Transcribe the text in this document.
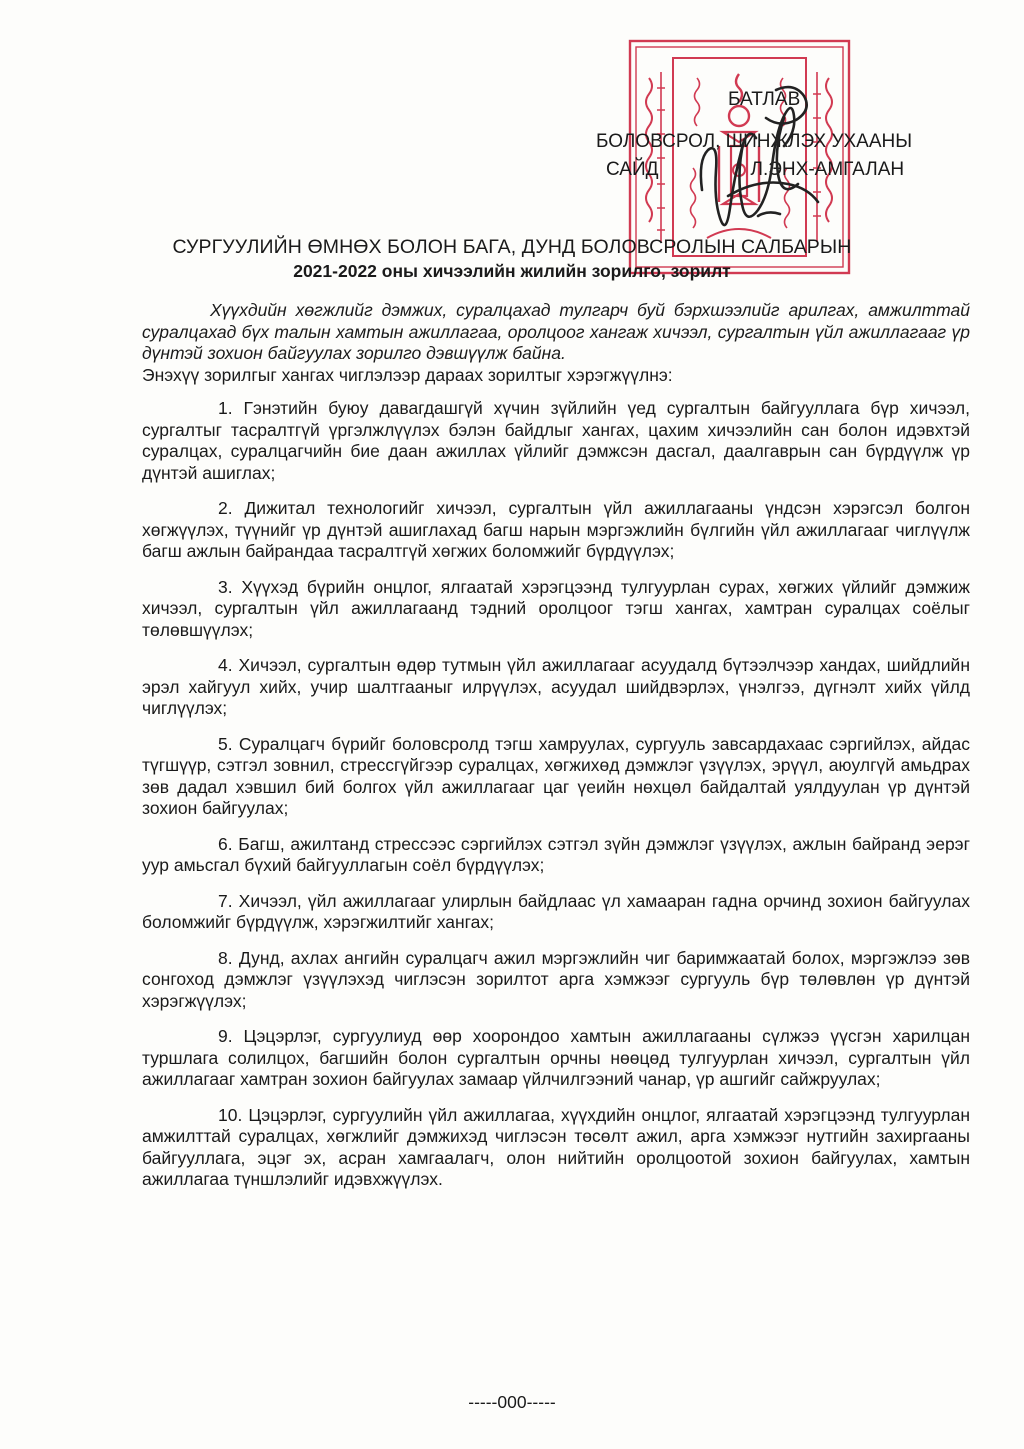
БАТЛАВ
БОЛОВСРОЛ, ШИНЖЛЭХ УХААНЫ
САЙД	Л.ЭНХ-АМГАЛАН
СУРГУУЛИЙН ӨМНӨХ БОЛОН БАГА, ДУНД БОЛОВСРОЛЫН САЛБАРЫН
2021-2022 оны хичээлийн жилийн зорилго, зорилт

Хүүхдийн хөгжлийг дэмжих, суралцахад тулгарч буй бэрхшээлийг арилгах, амжилттай суралцахад бүх талын хамтын ажиллагаа, оролцоог хангаж хичээл, сургалтын үйл ажиллагааг үр дүнтэй зохион байгуулах зорилго дэвшүүлж байна.

Энэхүү зорилгыг хангах чиглэлээр дараах зорилтыг хэрэгжүүлнэ:

1. Гэнэтийн буюу давагдашгүй хүчин зүйлийн үед сургалтын байгууллага бүр хичээл, сургалтыг тасралтгүй үргэлжлүүлэх бэлэн байдлыг хангах, цахим хичээлийн сан болон идэвхтэй суралцах, суралцагчийн бие даан ажиллах үйлийг дэмжсэн дасгал, даалгаврын сан бүрдүүлж үр дүнтэй ашиглах;

2. Дижитал технологийг хичээл, сургалтын үйл ажиллагааны үндсэн хэрэгсэл болгон хөгжүүлэх, түүнийг үр дүнтэй ашиглахад багш нарын мэргэжлийн бүлгийн үйл ажиллагааг чиглүүлж багш ажлын байрандаа тасралтгүй хөгжих боломжийг бүрдүүлэх;

3. Хүүхэд бүрийн онцлог, ялгаатай хэрэгцээнд тулгуурлан сурах, хөгжих үйлийг дэмжиж хичээл, сургалтын үйл ажиллагаанд тэдний оролцоог тэгш хангах, хамтран суралцах соёлыг төлөвшүүлэх;

4. Хичээл, сургалтын өдөр тутмын үйл ажиллагааг асуудалд бүтээлчээр хандах, шийдлийн эрэл хайгуул хийх, учир шалтгааныг илрүүлэх, асуудал шийдвэрлэх, үнэлгээ, дүгнэлт хийх үйлд чиглүүлэх;

5. Суралцагч бүрийг боловсролд тэгш хамруулах, сургууль завсардахаас сэргийлэх, айдас түгшүүр, сэтгэл зовнил, стрессгүйгээр суралцах, хөгжихөд дэмжлэг үзүүлэх, эрүүл, аюулгүй амьдрах зөв дадал хэвшил бий болгох үйл ажиллагааг цаг үеийн нөхцөл байдалтай уялдуулан үр дүнтэй зохион байгуулах;

6. Багш, ажилтанд стрессээс сэргийлэх сэтгэл зүйн дэмжлэг үзүүлэх, ажлын байранд эерэг уур амьсгал бүхий байгууллагын соёл бүрдүүлэх;

7. Хичээл, үйл ажиллагааг улирлын байдлаас үл хамааран гадна орчинд зохион байгуулах боломжийг бүрдүүлж, хэрэгжилтийг хангах;

8. Дунд, ахлах ангийн суралцагч ажил мэргэжлийн чиг баримжаатай болох, мэргэжлээ зөв сонгоход дэмжлэг үзүүлэхэд чиглэсэн зорилтот арга хэмжээг сургууль бүр төлөвлөн үр дүнтэй хэрэгжүүлэх;

9. Цэцэрлэг, сургуулиуд өөр хоорондоо хамтын ажиллагааны сүлжээ үүсгэн харилцан туршлага солилцох, багшийн болон сургалтын орчны нөөцөд тулгуурлан хичээл, сургалтын үйл ажиллагааг хамтран зохион байгуулах замаар үйлчилгээний чанар, үр ашгийг сайжруулах;

10. Цэцэрлэг, сургуулийн үйл ажиллагаа, хүүхдийн онцлог, ялгаатай хэрэгцээнд тулгуурлан амжилттай суралцах, хөгжлийг дэмжихэд чиглэсэн төсөлт ажил, арга хэмжээг нутгийн захиргааны байгууллага, эцэг эх, асран хамгаалагч, олон нийтийн оролцоотой зохион байгуулах, хамтын ажиллагаа түншлэлийг идэвхжүүлэх.

-----000-----
